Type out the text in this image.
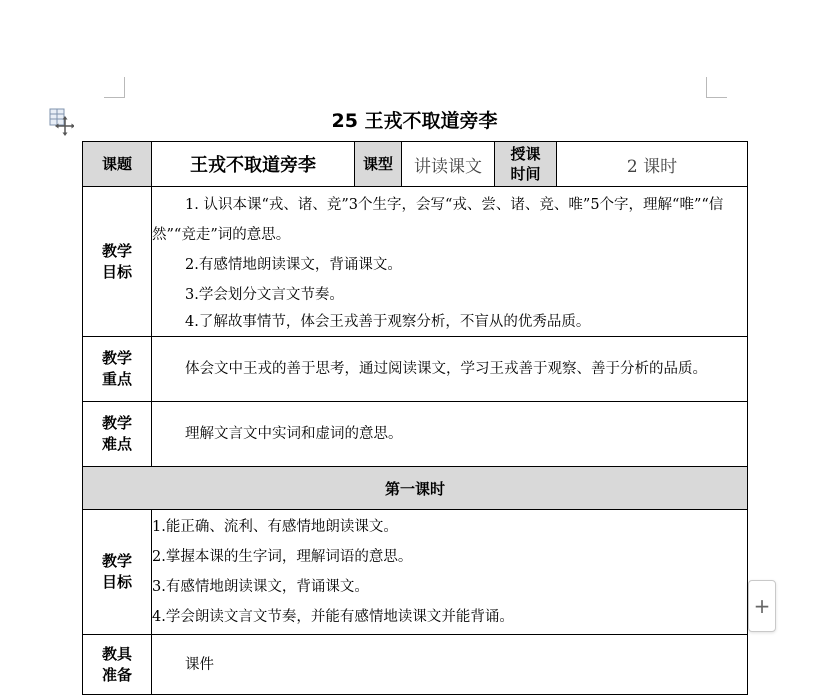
25 王戎不取道旁李
课题	王戎不取道旁李	课型	讲读课文	授课时间	2 课时

教学目标	1. 认识本课“戎、诸、竞”3个生字，会写“戎、尝、诸、竞、唯”5个字，理解“唯”“信然”“竞走”词的意思。

2.有感情地朗读课文，背诵课文。

3.学会划分文言文节奏。

4.了解故事情节，体会王戎善于观察分析，不盲从的优秀品质。				

教学重点	体会文中王戎的善于思考，通过阅读课文，学习王戎善于观察、善于分析的品质。				

教学难点	理解文言文中实词和虚词的意思。				
第一课时					

教学目标	1.能正确、流利、有感情地朗读课文。

2.掌握本课的生字词，理解词语的意思。

3.有感情地朗读课文，背诵课文。

4.学会朗读文言文节奏，并能有感情地读课文并能背诵。				

教具准备	课件				
+
